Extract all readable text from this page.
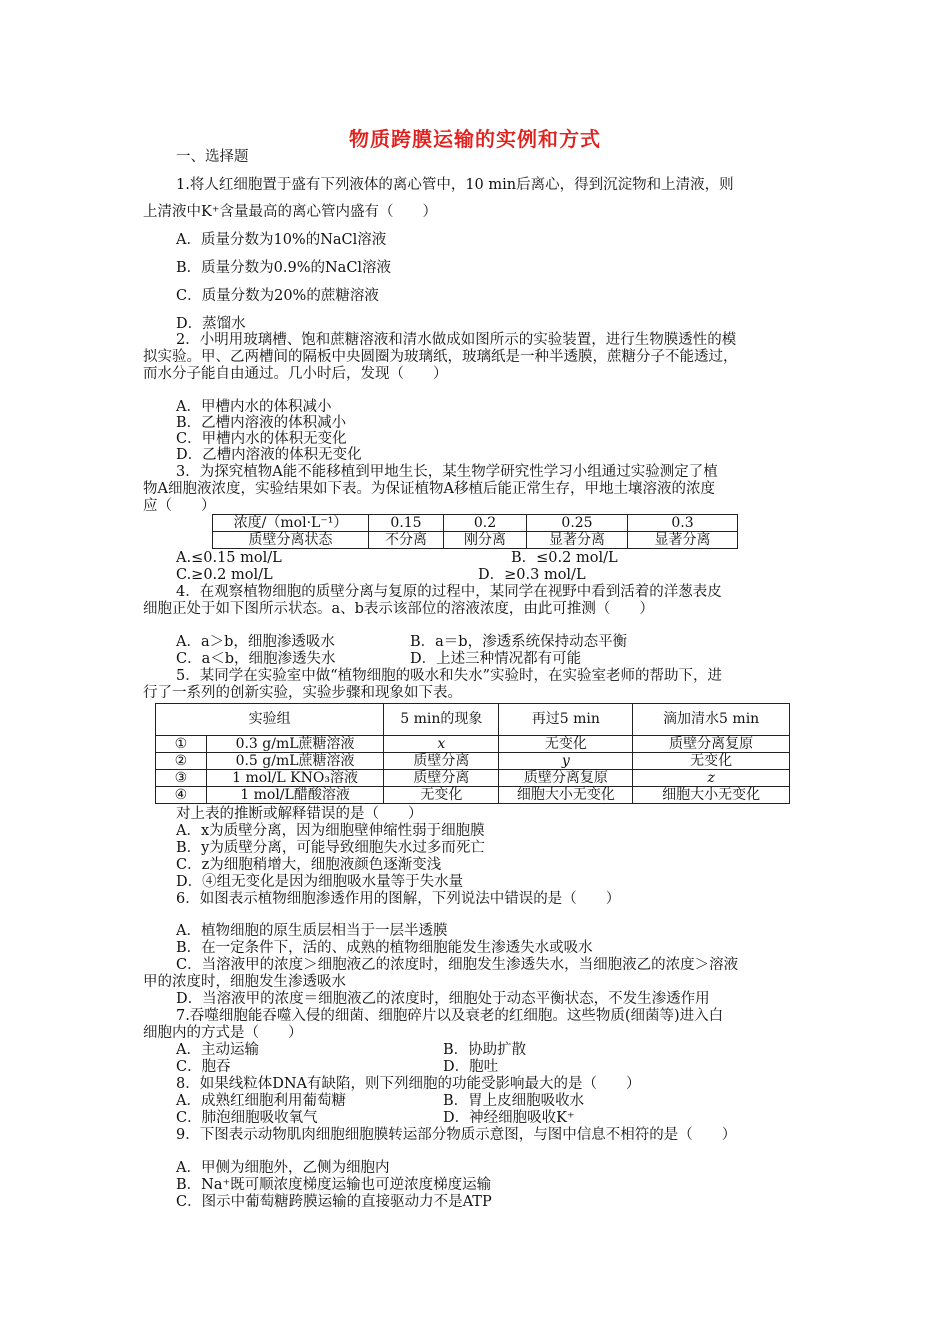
物质跨膜运输的实例和方式
一、选择题
1.将人红细胞置于盛有下列液体的离心管中，10 min后离心，得到沉淀物和上清液，则
上清液中K⁺含量最高的离心管内盛有（　　）
A．质量分数为10%的NaCl溶液
B．质量分数为0.9%的NaCl溶液
C．质量分数为20%的蔗糖溶液
D．蒸馏水
2．小明用玻璃槽、饱和蔗糖溶液和清水做成如图所示的实验装置，进行生物膜透性的模
拟实验。甲、乙两槽间的隔板中央圆圈为玻璃纸，玻璃纸是一种半透膜，蔗糖分子不能透过，
而水分子能自由通过。几小时后，发现（　　）
A．甲槽内水的体积减小
B．乙槽内溶液的体积减小
C．甲槽内水的体积无变化
D．乙槽内溶液的体积无变化
3．为探究植物A能不能移植到甲地生长，某生物学研究性学习小组通过实验测定了植
物A细胞液浓度，实验结果如下表。为保证植物A移植后能正常生存，甲地土壤溶液的浓度
应（　　）
浓度/（mol·L⁻¹）	0.15	0.2	0.25	0.3
质壁分离状态	不分离	刚分离	显著分离	显著分离
A.≤0.15 mol/L	B．≤0.2 mol/L
C.≥0.2 mol/L	D．≥0.3 mol/L
4．在观察植物细胞的质壁分离与复原的过程中，某同学在视野中看到活着的洋葱表皮
细胞正处于如下图所示状态。a、b表示该部位的溶液浓度，由此可推测（　　）
A．a＞b，细胞渗透吸水	B．a＝b，渗透系统保持动态平衡
C．a＜b，细胞渗透失水	D．上述三种情况都有可能
5．某同学在实验室中做“植物细胞的吸水和失水”实验时，在实验室老师的帮助下，进
行了一系列的创新实验，实验步骤和现象如下表。
实验组		5 min的现象	再过5 min	滴加清水5 min
①	0.3 g/mL蔗糖溶液	x	无变化	质壁分离复原
②	0.5 g/mL蔗糖溶液	质壁分离	y	无变化
③	1 mol/L KNO₃溶液	质壁分离	质壁分离复原	z
④	1 mol/L醋酸溶液	无变化	细胞大小无变化	细胞大小无变化
对上表的推断或解释错误的是（　　）
A．x为质壁分离，因为细胞壁伸缩性弱于细胞膜
B．y为质壁分离，可能导致细胞失水过多而死亡
C．z为细胞稍增大，细胞液颜色逐渐变浅
D．④组无变化是因为细胞吸水量等于失水量
6．如图表示植物细胞渗透作用的图解，下列说法中错误的是（　　）
A．植物细胞的原生质层相当于一层半透膜
B．在一定条件下，活的、成熟的植物细胞能发生渗透失水或吸水
C．当溶液甲的浓度＞细胞液乙的浓度时，细胞发生渗透失水，当细胞液乙的浓度＞溶液
甲的浓度时，细胞发生渗透吸水
D．当溶液甲的浓度＝细胞液乙的浓度时，细胞处于动态平衡状态，不发生渗透作用
7.吞噬细胞能吞噬入侵的细菌、细胞碎片以及衰老的红细胞。这些物质(细菌等)进入白
细胞内的方式是（　　）
A．主动运输	B．协助扩散
C．胞吞	D．胞吐
8．如果线粒体DNA有缺陷，则下列细胞的功能受影响最大的是（　　）
A．成熟红细胞利用葡萄糖	B．胃上皮细胞吸收水
C．肺泡细胞吸收氧气	D．神经细胞吸收K⁺
9．下图表示动物肌肉细胞细胞膜转运部分物质示意图，与图中信息不相符的是（　　）
A．甲侧为细胞外，乙侧为细胞内
B．Na⁺既可顺浓度梯度运输也可逆浓度梯度运输
C．图示中葡萄糖跨膜运输的直接驱动力不是ATP
